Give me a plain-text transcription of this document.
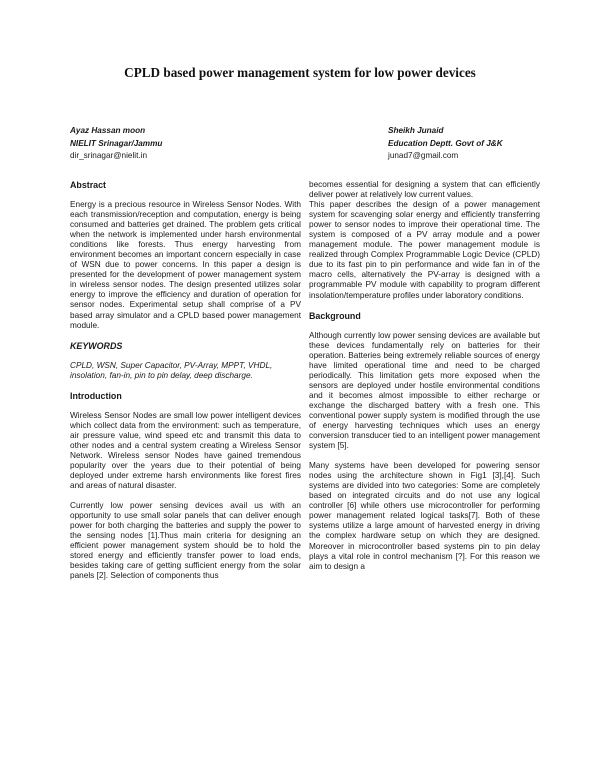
CPLD based power management system for low power devices
Ayaz Hassan moon
NIELIT Srinagar/Jammu
dir_srinagar@nielit.in
Sheikh Junaid
Education Deptt. Govt of J&K
junad7@gmail.com
Abstract

Energy is a precious resource in Wireless Sensor Nodes. With each transmission/reception and computation, energy is being consumed and batteries get drained. The problem gets critical when the network is implemented under harsh environmental conditions like forests. Thus energy harvesting from environment becomes an important concern especially in case of WSN due to power concerns. In this paper a design is presented for the development of power management system in wireless sensor nodes. The design presented utilizes solar energy to improve the efficiency and duration of operation for sensor nodes. Experimental setup shall comprise of a PV based array simulator and a CPLD based power management module.

KEYWORDS

CPLD, WSN, Super Capacitor, PV-Array, MPPT, VHDL, insolation, fan-in, pin to pin delay, deep discharge.

Introduction

Wireless Sensor Nodes are small low power intelligent devices which collect data from the environment: such as temperature, air pressure value, wind speed etc and transmit this data to other nodes and a central system creating a Wireless Sensor Network. Wireless sensor Nodes have gained tremendous popularity over the years due to their potential of being deployed under extreme harsh environments like forest fires and areas of natural disaster.

Currently low power sensing devices avail us with an opportunity to use small solar panels that can deliver enough power for both charging the batteries and supply the power to the sensing nodes [1].Thus main criteria for designing an efficient power management system should be to hold the stored energy and efficiently transfer power to load ends, besides taking care of getting sufficient energy from the solar panels [2]. Selection of components thus

becomes essential for designing a system that can efficiently deliver power at relatively low current values.

This paper describes the design of a power management system for scavenging solar energy and efficiently transferring power to sensor nodes to improve their operational time. The system is composed of a PV array module and a power management module. The power management module is realized through Complex Programmable Logic Device (CPLD) due to its fast pin to pin performance and wide fan in of the macro cells, alternatively the PV-array is designed with a programmable PV module with capability to program different insolation/temperature profiles under laboratory conditions.

Background

Although currently low power sensing devices are available but these devices fundamentally rely on batteries for their operation. Batteries being extremely reliable sources of energy have limited operational time and need to be charged periodically. This limitation gets more exposed when the sensors are deployed under hostile environmental conditions and it becomes almost impossible to either recharge or exchange the discharged battery with a fresh one. This conventional power supply system is modified through the use of energy harvesting techniques which uses an energy conversion transducer tied to an intelligent power management system [5].

Many systems have been developed for powering sensor nodes using the architecture shown in Fig1 [3],[4]. Such systems are divided into two categories: Some are completely based on integrated circuits and do not use any logical controller [6] while others use microcontroller for performing power management related logical tasks[7]. Both of these systems utilize a large amount of harvested energy in driving the complex hardware setup on which they are designed. Moreover in microcontroller based systems pin to pin delay plays a vital role in control mechanism [?]. For this reason we aim to design a
